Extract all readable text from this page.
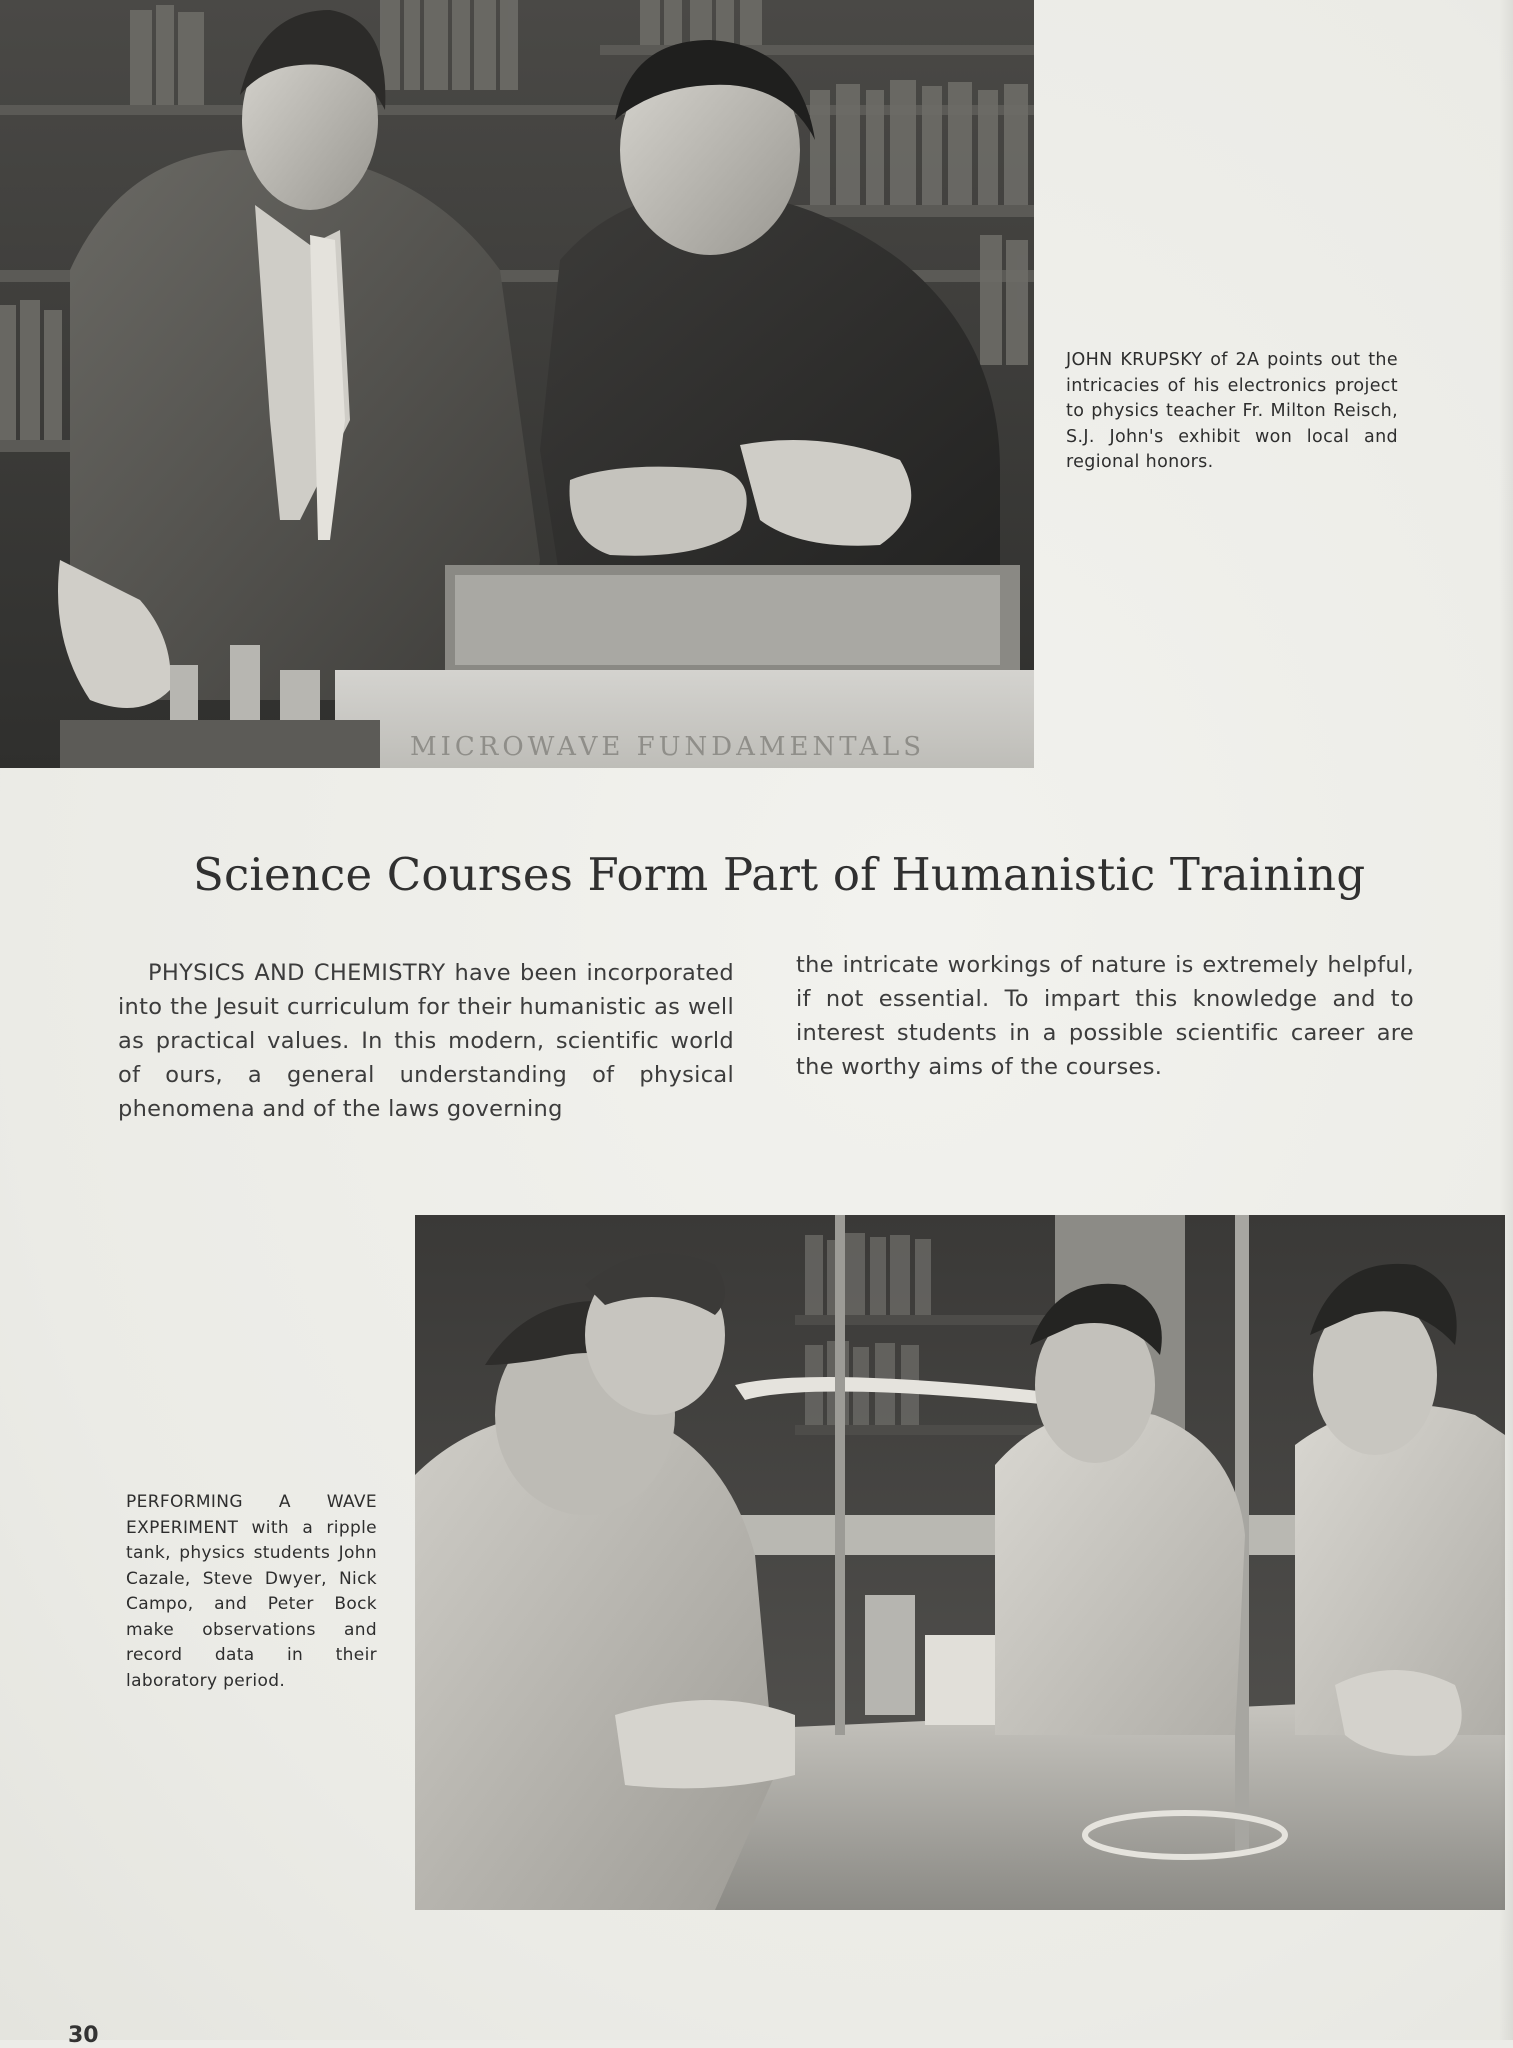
MICROWAVE FUNDAMENTALS
JOHN KRUPSKY of 2A points out the intricacies of his electronics project to physics teacher Fr. Milton Reisch, S.J. John's exhibit won local and regional honors.
Science Courses Form Part of Humanistic Training
PHYSICS AND CHEMISTRY have been incorporated into the Jesuit curriculum for their humanistic as well as practical values. In this modern, scientific world of ours, a general understanding of physical phenomena and of the laws governing
the intricate workings of nature is extremely helpful, if not essential. To impart this knowledge and to interest students in a possible scientific career are the worthy aims of the courses.
PERFORMING A WAVE EXPERIMENT with a ripple tank, physics students John Cazale, Steve Dwyer, Nick Campo, and Peter Bock make observations and record data in their laboratory period.
30
